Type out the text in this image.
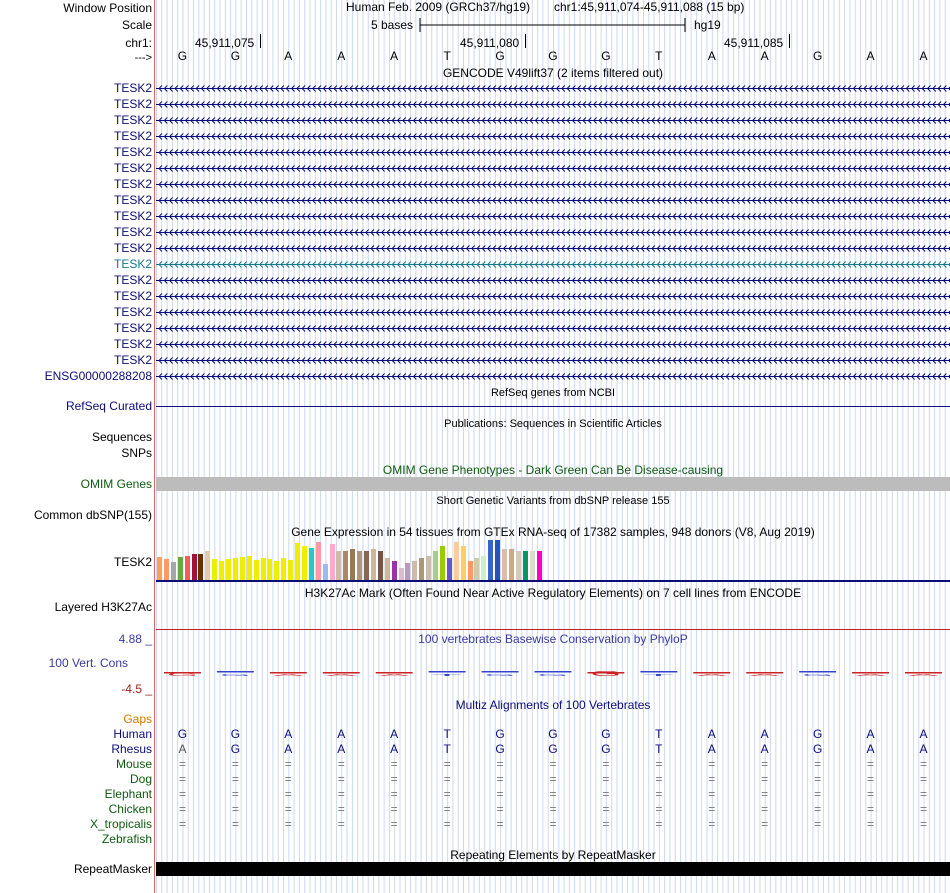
Window Position
Scale
chr1:
--->
Human Feb. 2009 (GRCh37/hg19) chr1:45,911,074-45,911,088 (15 bp)
5 bases	hg19
45,911,075	45,911,080	45,911,085
G	G	A	A	A	T	G	G	G	T	A	A	G	A	A
GENCODE V49lift37 (2 items filtered out)
TESK2
TESK2
TESK2
TESK2
TESK2
TESK2
TESK2
TESK2
TESK2
TESK2
TESK2
TESK2
TESK2
TESK2
TESK2
TESK2
TESK2
TESK2
ENSG00000288208
RefSeq genes from NCBI
RefSeq Curated
Publications: Sequences in Scientific Articles
Sequences
SNPs
OMIM Gene Phenotypes - Dark Green Can Be Disease-causing
OMIM Genes
Short Genetic Variants from dbSNP release 155
Common dbSNP(155)
Gene Expression in 54 tissues from GTEx RNA-seq of 17382 samples, 948 donors (V8, Aug 2019)
TESK2
H3K27Ac Mark (Often Found Near Active Regulatory Elements) on 7 cell lines from ENCODE
Layered H3K27Ac
100 vertebrates Basewise Conservation by PhyloP
4.88 _
100 Vert. Cons
-4.5 _
G	G	A	A	A	T	G	G	G	T	A	A	G	A	A
Multiz Alignments of 100 Vertebrates
Gaps
Human	G	G	A	A	A	T	G	G	G	T	A	A	G	A	A
Rhesus	A	G	A	A	A	T	G	G	G	T	A	A	G	A	A
Mouse	=	=	=	=	=	=	=	=	=	=	=	=	=	=	=
Dog	=	=	=	=	=	=	=	=	=	=	=	=	=	=	=
Elephant	=	=	=	=	=	=	=	=	=	=	=	=	=	=	=
Chicken	=	=	=	=	=	=	=	=	=	=	=	=	=	=	=
X_tropicalis	=	=	=	=	=	=	=	=	=	=	=	=	=	=	=
Zebrafish
Repeating Elements by RepeatMasker
RepeatMasker
